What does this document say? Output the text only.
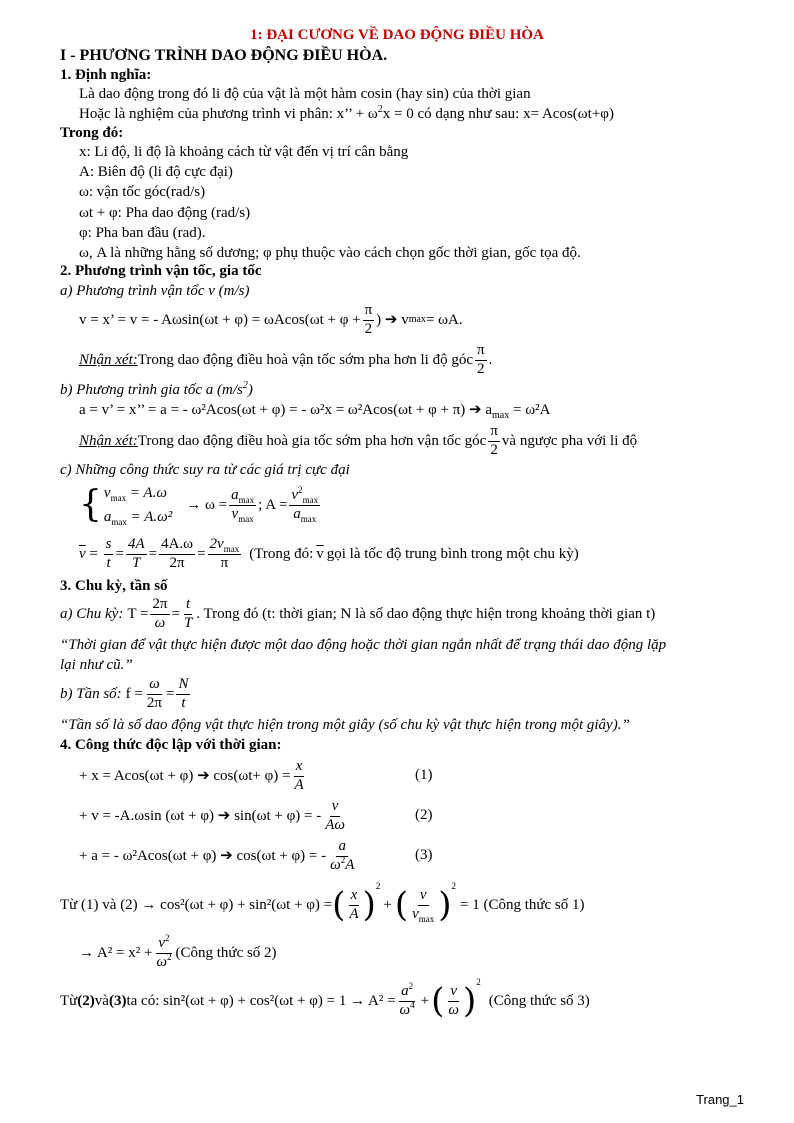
1: ĐẠI CƯƠNG VỀ DAO ĐỘNG ĐIỀU HÒA
I - PHƯƠNG TRÌNH DAO ĐỘNG ĐIỀU HÒA.
1. Định nghĩa:
Là dao động trong đó li độ của vật là một hàm cosin (hay sin) của thời gian
Hoặc là nghiệm của phương trình vi phân: x’’ + $\omega^2x = 0$ có dạng như sau: x= Acos(ωt+φ)
Trong đó:
x: Li độ, li độ là khoảng cách từ vật đến vị trí cân bằng
A: Biên độ (li độ cực đại)
ω: vận tốc góc(rad/s)
ωt + φ: Pha dao động (rad/s)
φ: Pha ban đầu (rad).
ω, A là những hằng số dương; φ phụ thuộc vào cách chọn gốc thời gian, gốc tọa độ.
2. Phương trình vận tốc, gia tốc
a) Phương trình vận tốc v (m/s)
v = x’ = v = - $A\omega\sin(\omega t + \varphi) = \omega Acos(\omega t + \varphi + \frac{\pi}{2}$ ) ➔ v max = ωA.
Nhận xét: Trong dao động điều hoà vận tốc sớm pha hơn li độ góc
π
2
.
b) Phương trình gia tốc a $(m/s^2)$
a = v’ = x’’ = a = - ω²Acos(ωt + φ) = - ω²x = ω²Acos(ωt + φ + π) ➔ $a_{max} = \omega^2A$
Nhận xét: Trong dao động điều hoà gia tốc sớm pha hơn vận tốc góc
π
2
và ngược pha với li độ
c) Những công thức suy ra từ các giá trị cực đại
{ $v_{max} = A.\omega$
$a_{max} = A.\omega^2$
→ ω =
$a_{max}$
$v_{max}$
; A =
$v^2_{max}$
$a_{max}$
$\overline{v} = \frac{s}{t} = \frac{4A}{T} = \frac{4A.\omega}{2\pi}$ =
$2v_{max}$
π
(Trong đó: $\overline{v}$ gọi là tốc độ trung bình trong một chu kỳ)
3. Chu kỳ, tần số
a) Chu kỳ: $T = \frac{2\pi}{\omega} = \frac{t}{T}$ . Trong đó (t: thời gian; N là số dao động thực hiện trong khoảng thời gian t)
“Thời gian để vật thực hiện được một dao động hoặc thời gian ngắn nhất để trạng thái dao động lặp
lại như cũ.”
b) Tần số: $f = \frac{\omega}{2\pi} = \frac{N}{t}$
“Tần số là số dao động vật thực hiện trong một giây (số chu kỳ vật thực hiện trong một giây).”
4. Công thức độc lập với thời gian:
+ x = Acos(ωt + φ) ➔ $\cos(\omega t+ \varphi) = \frac{x}{A}$	(1)
+ v = -A.ωsin (ωt + φ) ➔ sin(ωt + φ) = -
v
Aω
(2)
+ a = - ω²Acos(ωt + φ) ➔ cos(ωt + φ) = -
a
$\omega^2A$
(3)
Từ (1) và (2) → cos²(ωt + φ) + sin²(ωt + φ) = ( x
A ) 2
+ ( v
$v_{max}$ ) 2
= 1 (Công thức số 1)
→ $A^2 = x^2 + \frac{v^2}{\omega^2}$ (Công thức số 2)
Từ (2) và (3) ta có: $\sin^2(\omega t + \varphi) + \cos^2(\omega t + \varphi) = 1 \to A^2 = \frac{a^2}{\omega^4}$ + ( v
ω ) 2
(Công thức số 3)
Trang_1
